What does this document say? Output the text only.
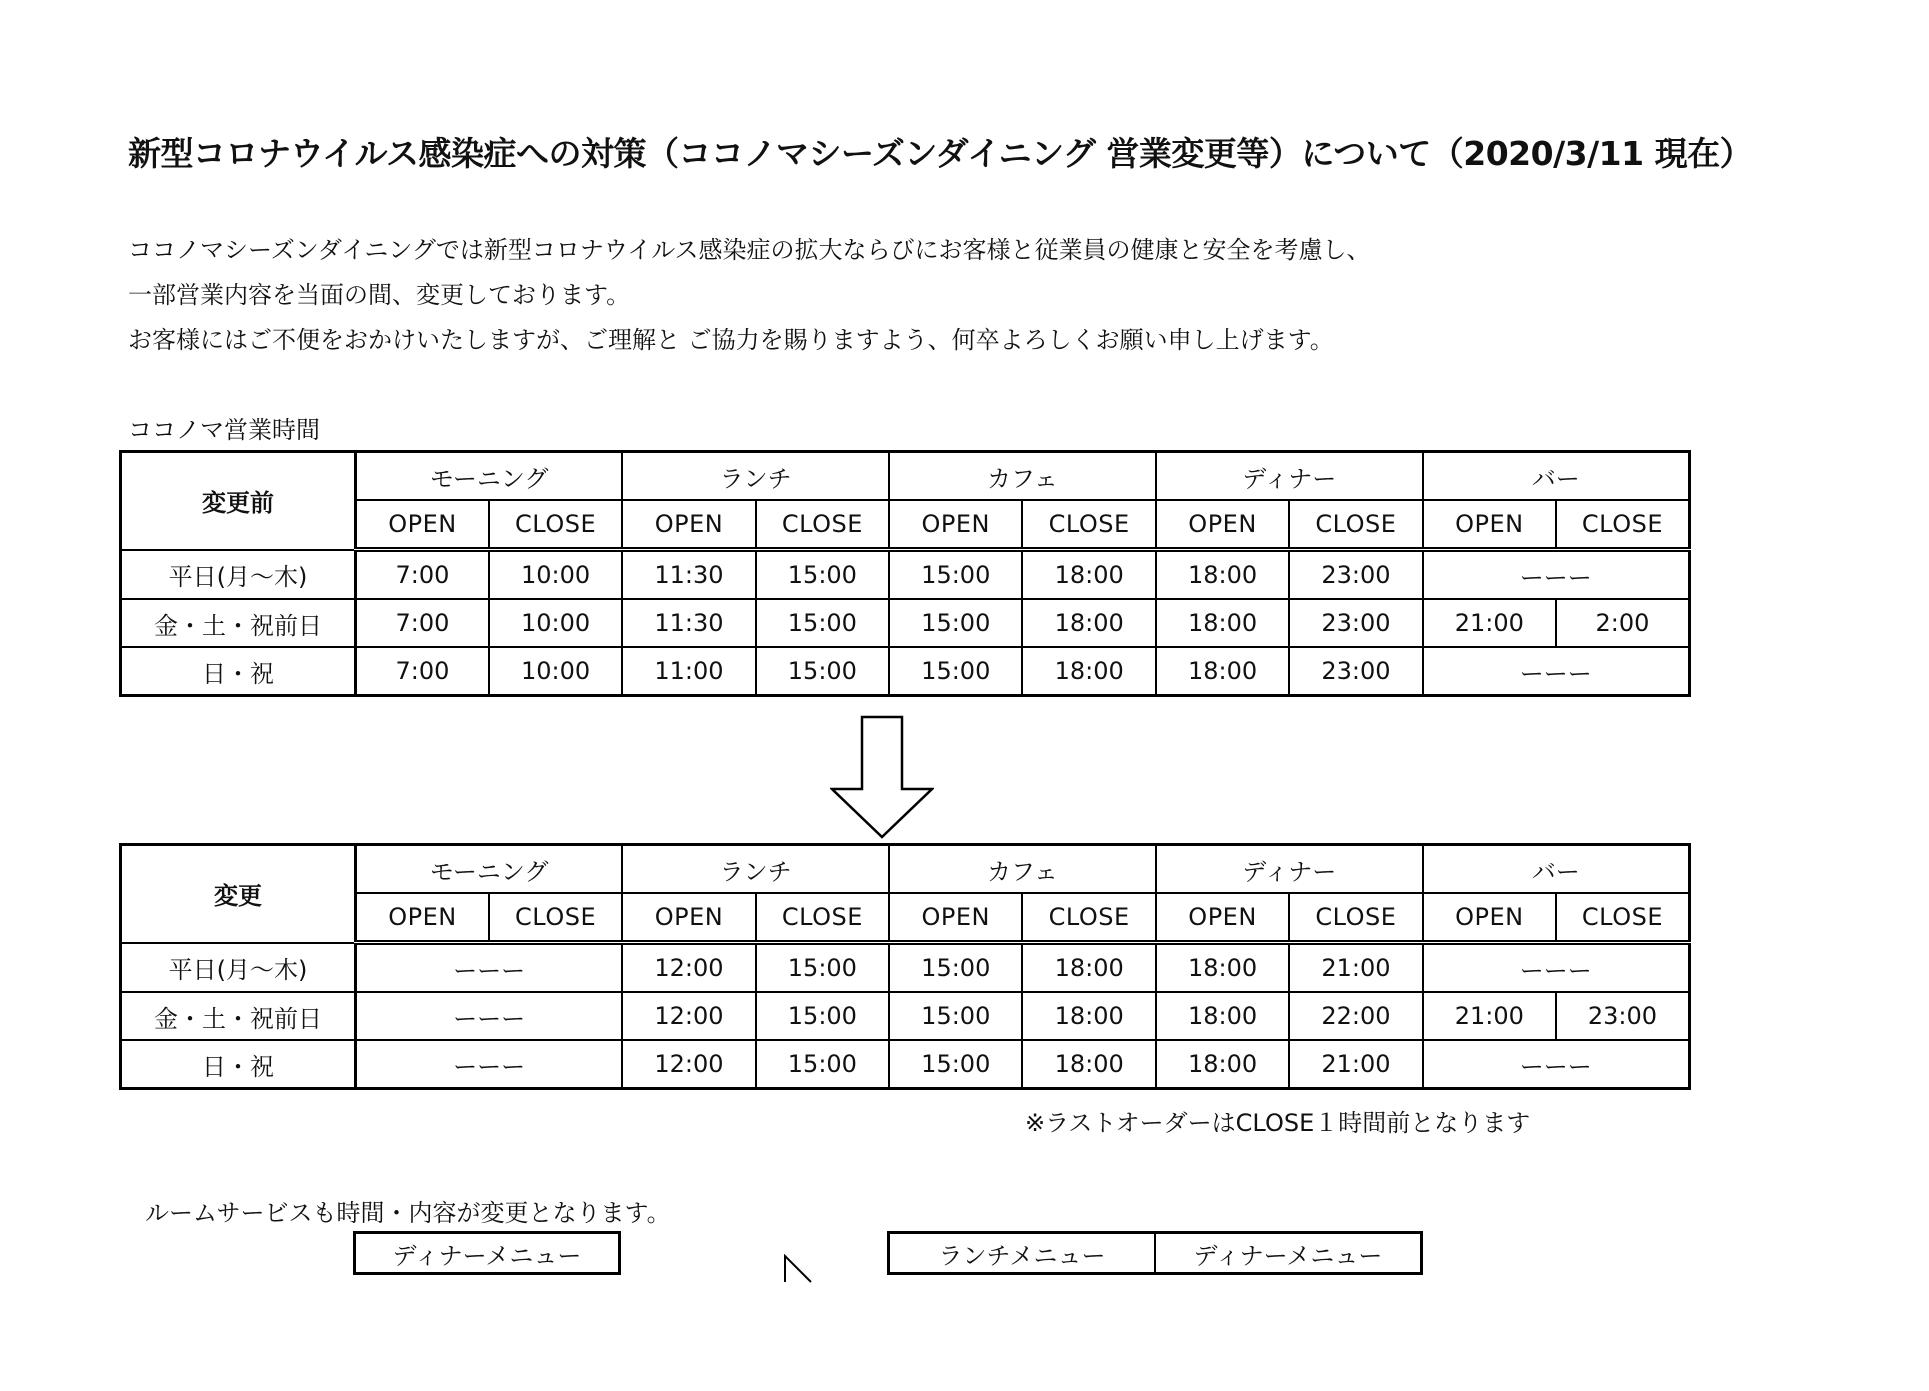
新型コロナウイルス感染症への対策（ココノマシーズンダイニング 営業変更等）について（2020/3/11 現在）
ココノマシーズンダイニングでは新型コロナウイルス感染症の拡大ならびにお客様と従業員の健康と安全を考慮し、
一部営業内容を当面の間、変更しております。
お客様にはご不便をおかけいたしますが、ご理解と ご協力を賜りますよう、何卒よろしくお願い申し上げます。
ココノマ営業時間
変更前	モーニング		ランチ		カフェ		ディナー		バー	
	OPEN	CLOSE	OPEN	CLOSE	OPEN	CLOSE	OPEN	CLOSE	OPEN	CLOSE
平日(月～木)	7:00	10:00	11:30	15:00	15:00	18:00	18:00	23:00	ーーー	
金・土・祝前日	7:00	10:00	11:30	15:00	15:00	18:00	18:00	23:00	21:00	2:00
日・祝	7:00	10:00	11:00	15:00	15:00	18:00	18:00	23:00	ーーー	
変更	モーニング		ランチ		カフェ		ディナー		バー	
	OPEN	CLOSE	OPEN	CLOSE	OPEN	CLOSE	OPEN	CLOSE	OPEN	CLOSE
平日(月～木)	ーーー		12:00	15:00	15:00	18:00	18:00	21:00	ーーー	
金・土・祝前日	ーーー		12:00	15:00	15:00	18:00	18:00	22:00	21:00	23:00
日・祝	ーーー		12:00	15:00	15:00	18:00	18:00	21:00	ーーー	
※ラストオーダーはCLOSE１時間前となります
ルームサービスも時間・内容が変更となります。
ディナーメニュー	ランチメニュー	ディナーメニュー
